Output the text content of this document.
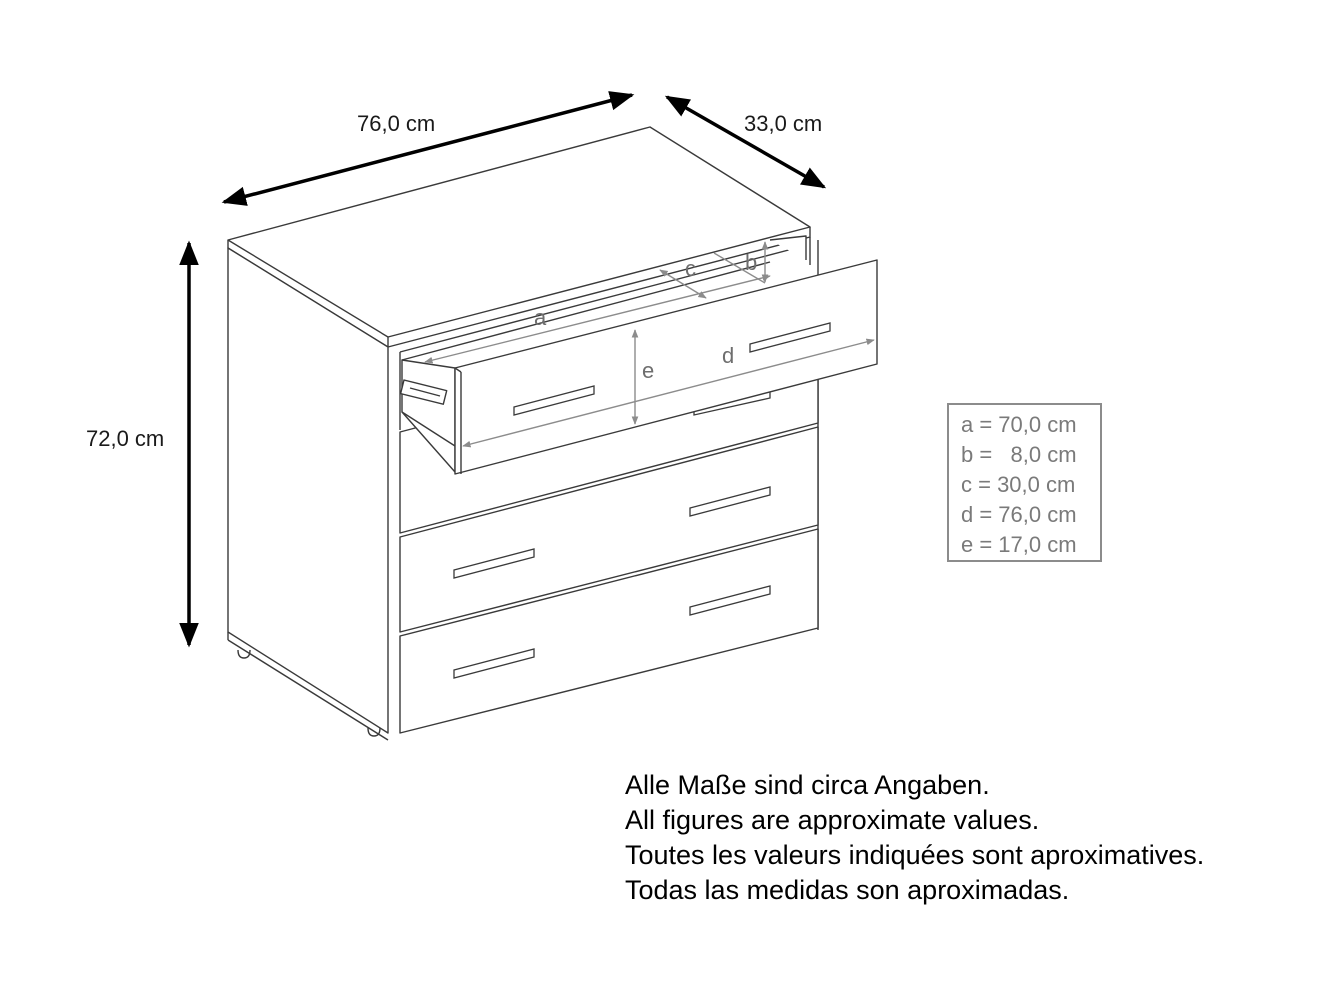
76,0 cm	33,0 cm
72,0 cm
a
c b
e
d
a = 70,0 cm
b =   8,0 cm
c = 30,0 cm
d = 76,0 cm
e = 17,0 cm
Alle Maße sind circa Angaben.
All figures are approximate values.
Toutes les valeurs indiquées sont aproximatives.
Todas las medidas son aproximadas.
